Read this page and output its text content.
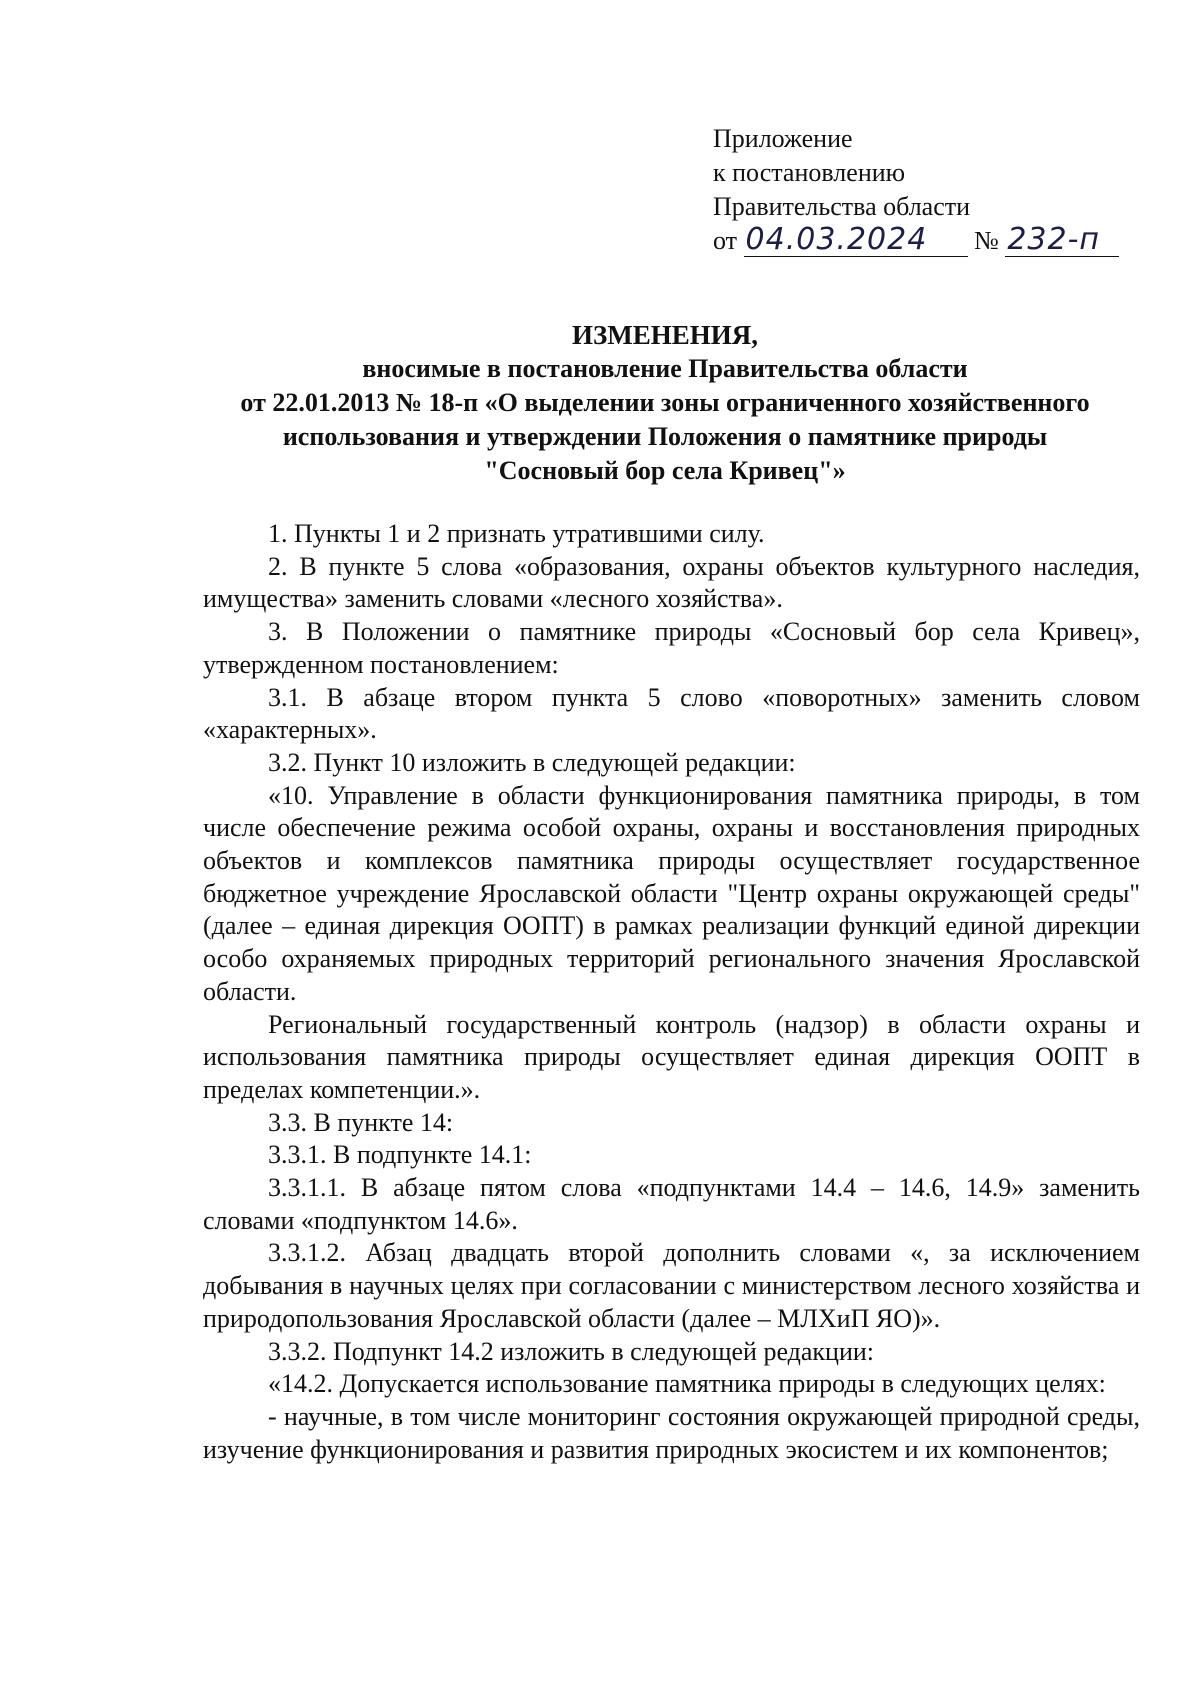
Приложение
к постановлению
Правительства области
от 04.03.2024 № 232-п
ИЗМЕНЕНИЯ,
вносимые в постановление Правительства области
от 22.01.2013 № 18-п «О выделении зоны ограниченного хозяйственного
использования и утверждении Положения о памятнике природы
"Сосновый бор села Кривец"»

1. Пункты 1 и 2 признать утратившими силу.

2. В пункте 5 слова «образования, охраны объектов культурного наследия, имущества» заменить словами «лесного хозяйства».

3. В Положении о памятнике природы «Сосновый бор села Кривец», утвержденном постановлением:

3.1. В абзаце втором пункта 5 слово «поворотных» заменить словом «характерных».

3.2. Пункт 10 изложить в следующей редакции:

«10. Управление в области функционирования памятника природы, в том числе обеспечение режима особой охраны, охраны и восстановления природных объектов и комплексов памятника природы осуществляет государственное бюджетное учреждение Ярославской области "Центр охраны окружающей среды" (далее – единая дирекция ООПТ) в рамках реализации функций единой дирекции особо охраняемых природных территорий регионального значения Ярославской области.

Региональный государственный контроль (надзор) в области охраны и использования памятника природы осуществляет единая дирекция ООПТ в пределах компетенции.».

3.3. В пункте 14:

3.3.1. В подпункте 14.1:

3.3.1.1. В абзаце пятом слова «подпунктами 14.4 – 14.6, 14.9» заменить словами «подпунктом 14.6».

3.3.1.2. Абзац двадцать второй дополнить словами «, за исключением добывания в научных целях при согласовании с министерством лесного хозяйства и природопользования Ярославской области (далее – МЛХиП ЯО)».

3.3.2. Подпункт 14.2 изложить в следующей редакции:

«14.2. Допускается использование памятника природы в следующих целях:

- научные, в том числе мониторинг состояния окружающей природной среды, изучение функционирования и развития природных экосистем и их компонентов;
